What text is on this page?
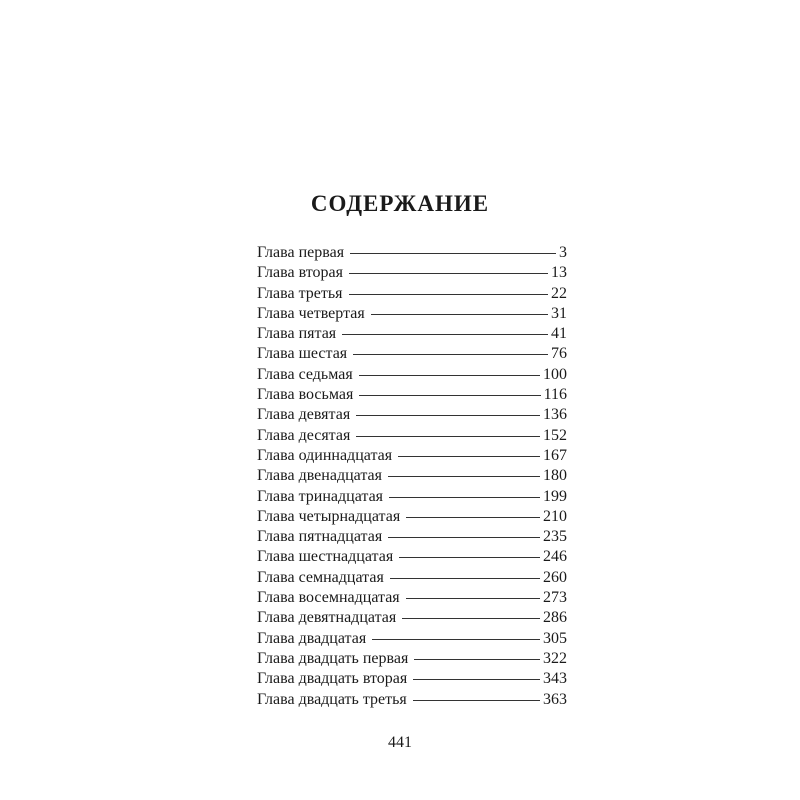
СОДЕРЖАНИЕ
Глава первая	3
Глава вторая	13
Глава третья	22
Глава четвертая	31
Глава пятая	41
Глава шестая	76
Глава седьмая	100
Глава восьмая	116
Глава девятая	136
Глава десятая	152
Глава одиннадцатая	167
Глава двенадцатая	180
Глава тринадцатая	199
Глава четырнадцатая	210
Глава пятнадцатая	235
Глава шестнадцатая	246
Глава семнадцатая	260
Глава восемнадцатая	273
Глава девятнадцатая	286
Глава двадцатая	305
Глава двадцать первая	322
Глава двадцать вторая	343
Глава двадцать третья	363
441
